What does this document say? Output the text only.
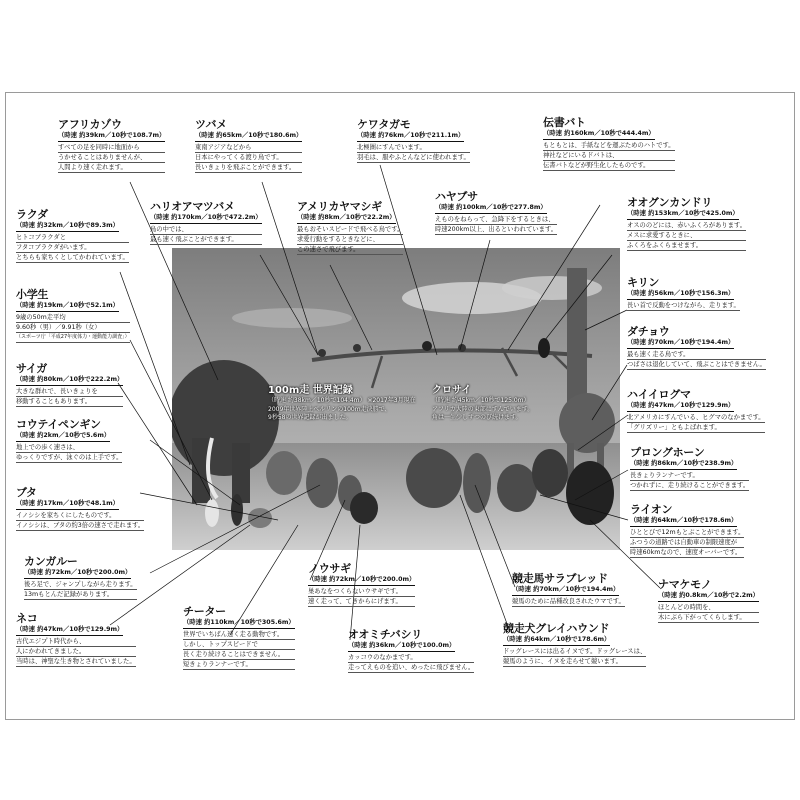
100m走 世界記録
（時速 約38km／10秒で104.4m） ※2017年3月現在
2009年世界陸上ベルリンの100m走決勝で、
9秒58の世界記録が出ました。
クロサイ
（時速 約45km／10秒で125.0m）
アフリカ大陸の東部にすんでいます。
角は一生少しずつのび続けます。
アフリカゾウ
（時速 約39km／10秒で108.7m）
すべての足を同時に地面から
うかせることはありませんが、
人間より速く走れます。
ツバメ
（時速 約65km／10秒で180.6m）
東南アジアなどから
日本にやってくる渡り鳥です。
長いきょりを飛ぶことができます。
ケワタガモ
（時速 約76km／10秒で211.1m）
北極圏にすんでいます。
羽毛は、服やふとんなどに使われます。
伝書バト
（時速 約160km／10秒で444.4m）
もともとは、手紙などを運ぶためのハトです。
神社などにいるドバトは、
伝書バトなどが野生化したものです。
ラクダ
（時速 約32km／10秒で89.3m）
ヒトコブラクダと
フタコブラクダがいます。
とちらも家ちくとしてかわれています。
ハリオアマツバメ
（時速 約170km／10秒で472.2m）
鳥の中では、
最も速く飛ぶことができます。
アメリカヤマシギ
（時速 約8km／10秒で22.2m）
最もおそいスピードで飛べる鳥です。
求愛行動をするときなどに、
この速さで飛びます。
ハヤブサ
（時速 約100km／10秒で277.8m）
えものをねらって、急降下をするときは、
時速200km以上、出るといわれています。
オオグンカンドリ
（時速 約153km／10秒で425.0m）
オスののどには、赤いふくろがあります。
メスに求愛するときに、
ふくろをふくらませます。
小学生
（時速 約19km／10秒で52.1m）
9歳の50m走平均
9.60秒（男）／9.91秒（女）
（スポーツ庁「平成27年度体力・運動能力調査」）
キリン
（時速 約56km／10秒で156.3m）
長い首で反動をつけながら、走ります。
ダチョウ
（時速 約70km／10秒で194.4m）
最も速く走る鳥です。
つばさは退化していて、飛ぶことはできません。
サイガ
（時速 約80km／10秒で222.2m）
大きな群れで、長いきょりを
移動することもあります。
ハイイログマ
（時速 約47km／10秒で129.9m）
北アメリカにすんでいる、ヒグマのなかまです。
「グリズリー」ともよばれます。
コウテイペンギン
（時速 約2km／10秒で5.6m）
地上での歩く速さは、
ゆっくりですが、泳ぐのは上手です。	プロングホーン
（時速 約86km／10秒で238.9m）
長きょりランナーです。
つかれずに、走り続けることができます。
ブタ
（時速 約17km／10秒で48.1m）
イノシシを家ちくにしたものです。
イノシシは、ブタの約3倍の速さで走れます。
ライオン
（時速 約64km／10秒で178.6m）
ひととびで12mもとぶことができます。
ふつうの道路では自動車の制限速度が
時速60kmなので、速度オーバーです。
カンガルー
（時速 約72km／10秒で200.0m）
後ろ足で、ジャンプしながら走ります。
13mもとんだ記録があります。
ノウサギ
（時速 約72km／10秒で200.0m）
巣あなをつくらないウサギです。
速く走って、てきからにげます。
競走馬サラブレッド
（時速 約70km／10秒で194.4m）
競馬のために品種改良されたウマです。
ナマケモノ
（時速 約0.8km／10秒で2.2m）
ほとんどの時間を、
木にぶら下がってくらします。
チーター
（時速 約110km／10秒で305.6m）
世界でいちばん速く走る動物です。
しかし、トップスピードで
長く走り続けることはできません。
短きょりランナーです。
オオミチバシリ
（時速 約36km／10秒で100.0m）
カッコウのなかまです。
走ってえものを追い、めったに飛びません。
競走犬グレイハウンド
（時速 約64km／10秒で178.6m）
ドッグレースには出るイヌです。ドッグレースは、
競馬のように、イヌを走らせて競います。
ネコ
（時速 約47km／10秒で129.9m）
古代エジプト時代から、
人にかわれてきました。
当時は、神聖な生き物とされていました。
